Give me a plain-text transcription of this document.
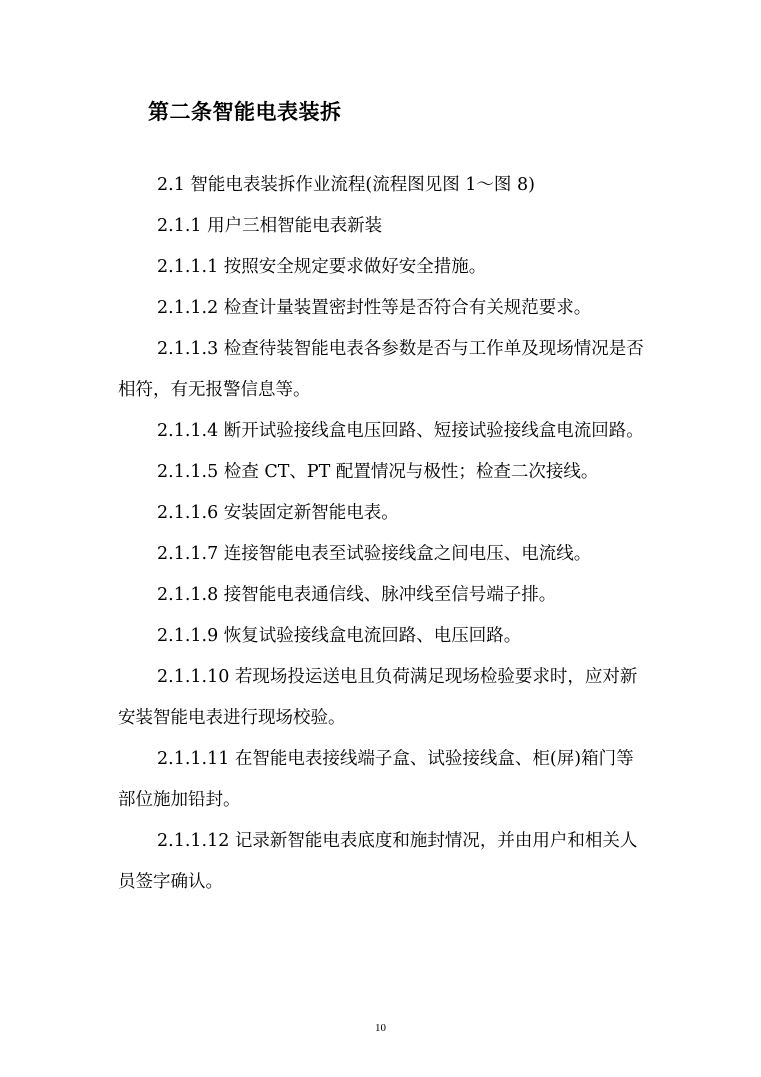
第二条智能电表装拆

2.1 智能电表装拆作业流程(流程图见图 1～图 8)

2.1.1 用户三相智能电表新装

2.1.1.1 按照安全规定要求做好安全措施。

2.1.1.2 检查计量装置密封性等是否符合有关规范要求。

2.1.1.3 检查待装智能电表各参数是否与工作单及现场情况是否相符，有无报警信息等。

2.1.1.4 断开试验接线盒电压回路、短接试验接线盒电流回路。

2.1.1.5 检查 CT、PT 配置情况与极性；检查二次接线。

2.1.1.6 安装固定新智能电表。

2.1.1.7 连接智能电表至试验接线盒之间电压、电流线。

2.1.1.8 接智能电表通信线、脉冲线至信号端子排。

2.1.1.9 恢复试验接线盒电流回路、电压回路。

2.1.1.10 若现场投运送电且负荷满足现场检验要求时，应对新安装智能电表进行现场校验。

2.1.1.11 在智能电表接线端子盒、试验接线盒、柜(屏)箱门等部位施加铅封。

2.1.1.12 记录新智能电表底度和施封情况，并由用户和相关人员签字确认。

10
